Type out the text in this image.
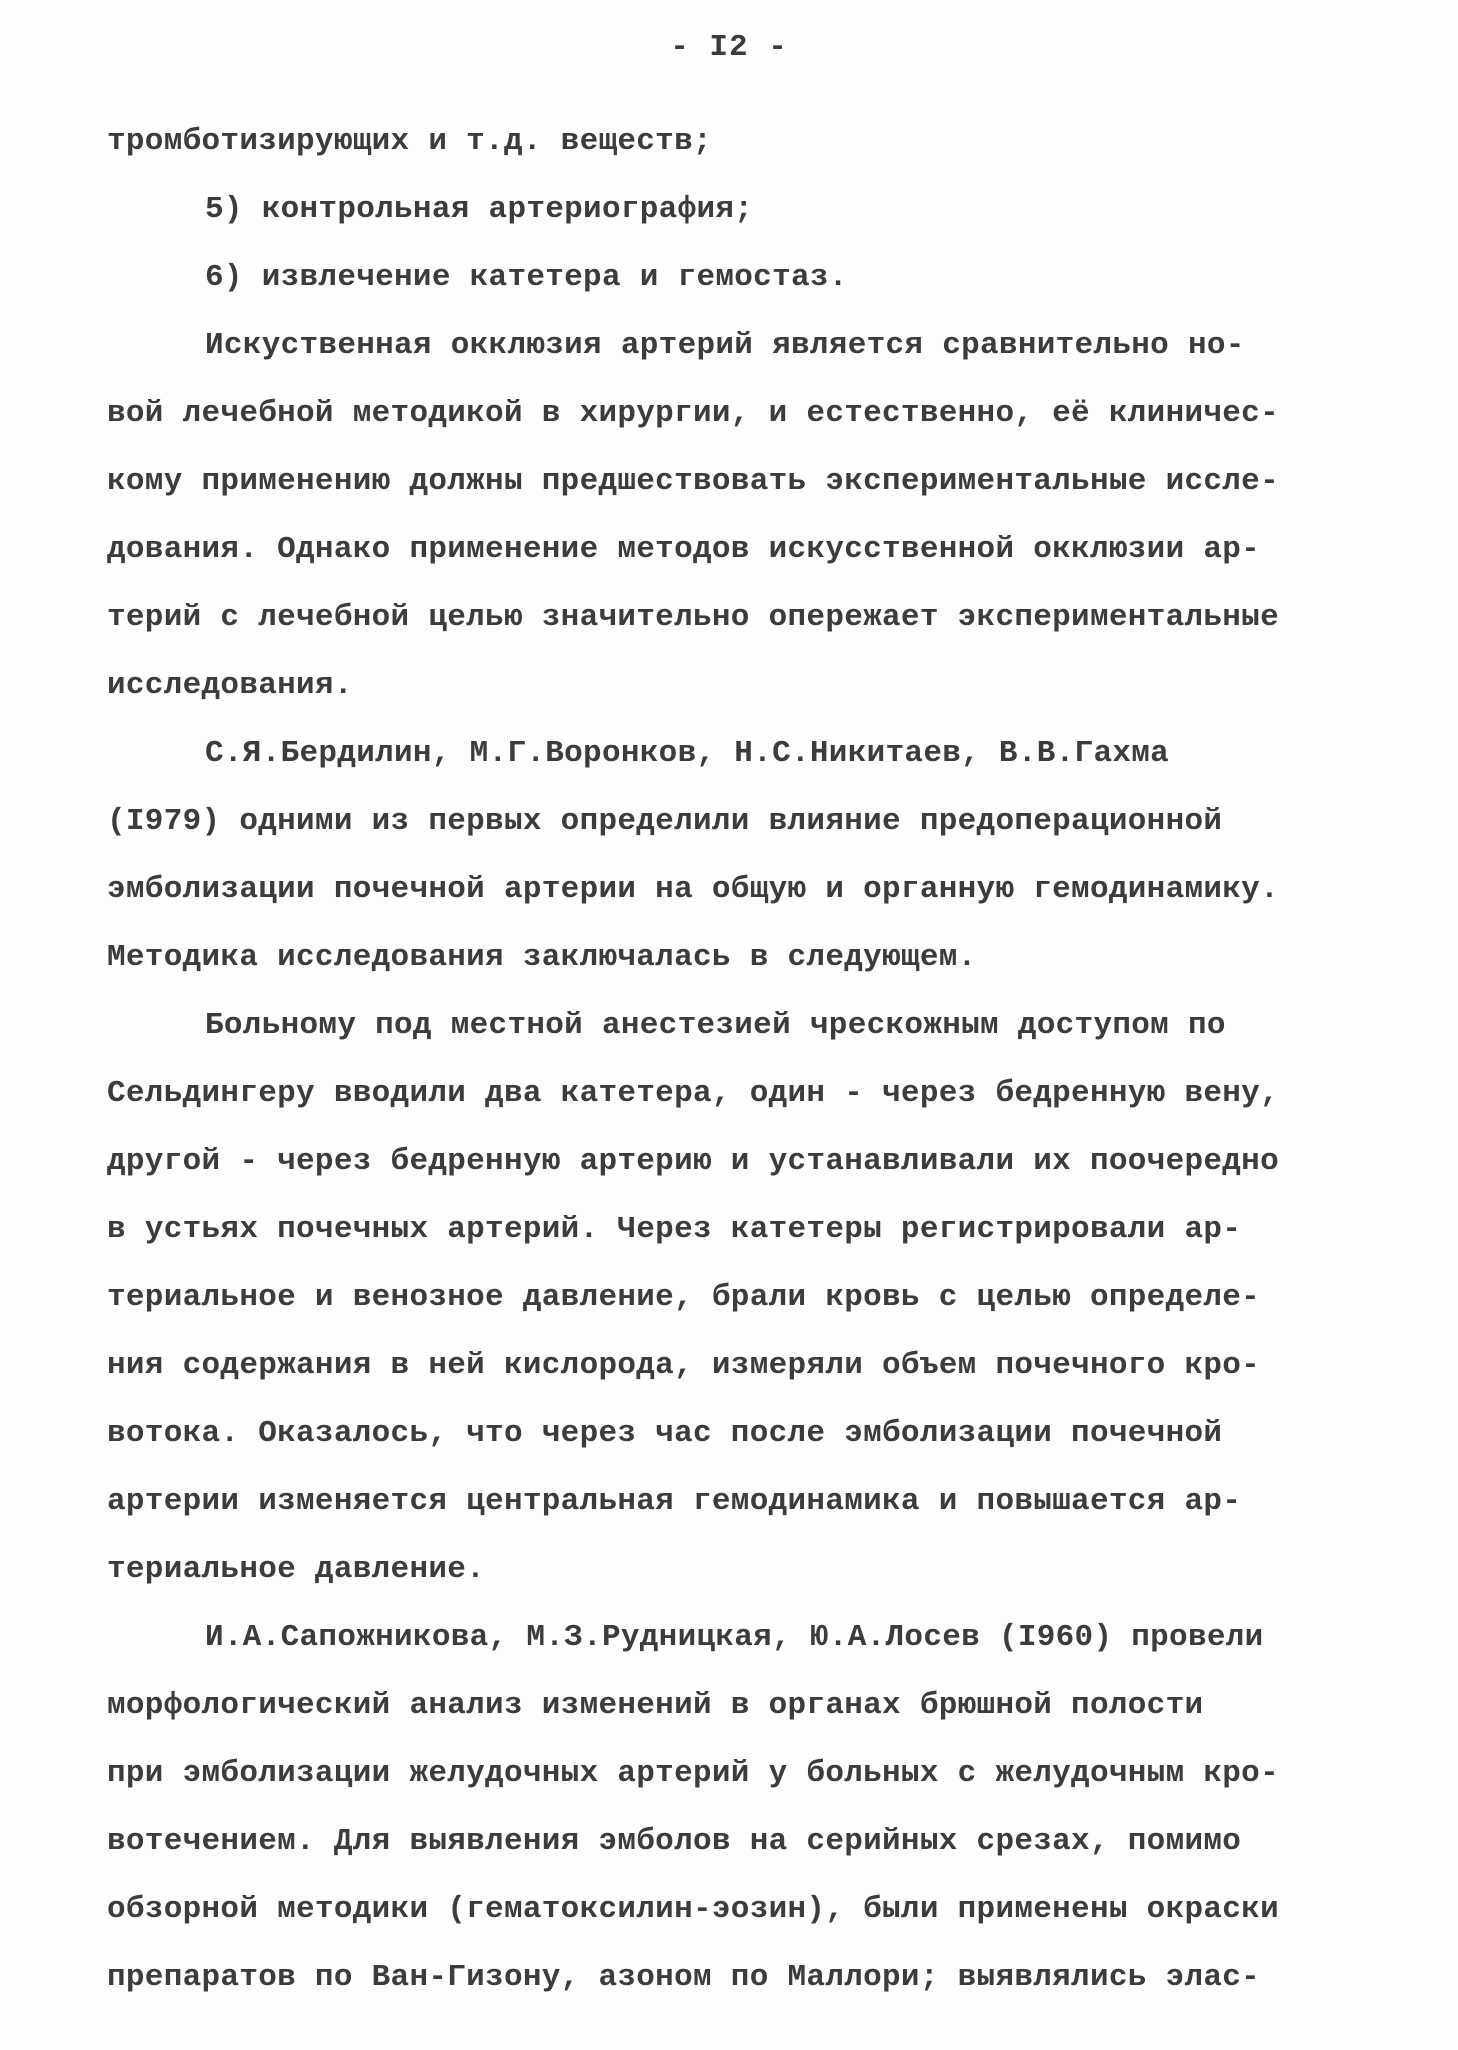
- I2 -
тромботизирующих и т.д. веществ;
5) контрольная артериография;
6) извлечение катетера и гемостаз.
Искуственная окклюзия артерий является сравнительно но-
вой лечебной методикой в хирургии, и естественно, её клиничес-
кому применению должны предшествовать экспериментальные иссле-
дования. Однако применение методов искусственной окклюзии ар-
терий с лечебной целью значительно опережает экспериментальные
исследования.
С.Я.Бердилин, М.Г.Воронков, Н.С.Никитаев, В.В.Гахма
(I979) одними из первых определили влияние предоперационной
эмболизации почечной артерии на общую и органную гемодинамику.
Методика исследования заключалась в следующем.
Больному под местной анестезией чрескожным доступом по
Сельдингеру вводили два катетера, один - через бедренную вену,
другой - через бедренную артерию и устанавливали их поочередно
в устьях почечных артерий. Через катетеры регистрировали ар-
териальное и венозное давление, брали кровь с целью определе-
ния содержания в ней кислорода, измеряли объем почечного кро-
вотока. Оказалось, что через час после эмболизации почечной
артерии изменяется центральная гемодинамика и повышается ар-
териальное давление.
И.А.Сапожникова, М.З.Рудницкая, Ю.А.Лосев (I960) провели
морфологический анализ изменений в органах брюшной полости
при эмболизации желудочных артерий у больных с желудочным кро-
вотечением. Для выявления эмболов на серийных срезах, помимо
обзорной методики (гематоксилин-эозин), были применены окраски
препаратов по Ван-Гизону, азоном по Маллори; выявлялись элас-
